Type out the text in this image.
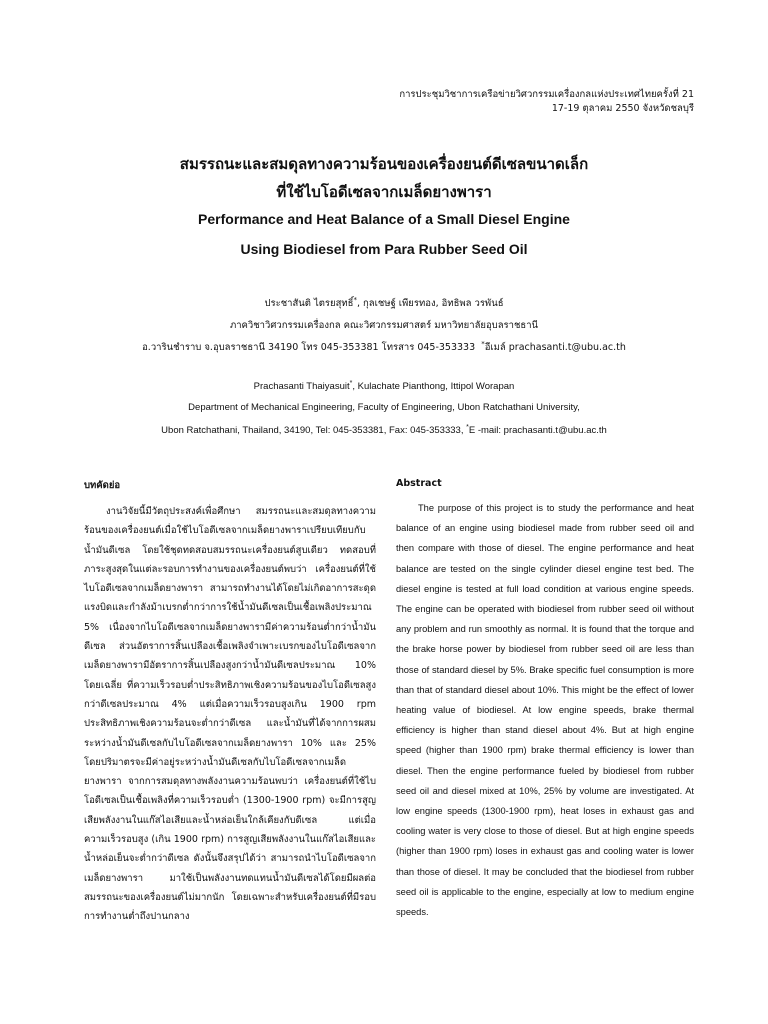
การประชุมวิชาการเครือข่ายวิศวกรรมเครื่องกลแห่งประเทศไทยครั้งที่ 21
17-19 ตุลาคม 2550 จังหวัดชลบุรี
สมรรถนะและสมดุลทางความร้อนของเครื่องยนต์ดีเซลขนาดเล็ก
ที่ใช้ไบโอดีเซลจากเมล็ดยางพารา
Performance and Heat Balance of a Small Diesel Engine
Using Biodiesel from Para Rubber Seed Oil
ประชาสันติ ไตรยสุทธิ์*, กุลเชษฐ์ เพียรทอง, อิทธิพล วรพันธ์
ภาควิชาวิศวกรรมเครื่องกล คณะวิศวกรรมศาสตร์ มหาวิทยาลัยอุบลราชธานี
อ.วารินชำราบ จ.อุบลราชธานี 34190 โทร 045-353381 โทรสาร 045-353333 *อีเมล์ prachasanti.t@ubu.ac.th
Prachasanti Thaiyasuit*, Kulachate Pianthong, Ittipol Worapan
Department of Mechanical Engineering, Faculty of Engineering, Ubon Ratchathani University,
Ubon Ratchathani, Thailand, 34190, Tel: 045-353381, Fax: 045-353333, *E -mail: prachasanti.t@ubu.ac.th
บทคัดย่อ

งานวิจัยนี้มีวัตถุประสงค์เพื่อศึกษา สมรรถนะและสมดุลทางความร้อนของเครื่องยนต์เมื่อใช้ไบโอดีเซลจากเมล็ดยางพาราเปรียบเทียบกับน้ำมันดีเซล โดยใช้ชุดทดสอบสมรรถนะเครื่องยนต์สูบเดียว ทดสอบที่ภาระสูงสุดในแต่ละรอบการทำงานของเครื่องยนต์พบว่า เครื่องยนต์ที่ใช้ไบโอดีเซลจากเมล็ดยางพารา สามารถทำงานได้โดยไม่เกิดอาการสะดุด แรงบิดและกำลังม้าเบรกต่ำกว่าการใช้น้ำมันดีเซลเป็นเชื้อเพลิงประมาณ 5% เนื่องจากไบโอดีเซลจากเมล็ดยางพารามีค่าความร้อนต่ำกว่าน้ำมันดีเซล ส่วนอัตราการสิ้นเปลืองเชื้อเพลิงจำเพาะเบรกของไบโอดีเซลจากเมล็ดยางพารามีอัตราการสิ้นเปลืองสูงกว่าน้ำมันดีเซลประมาณ 10% โดยเฉลี่ย ที่ความเร็วรอบต่ำประสิทธิภาพเชิงความร้อนของไบโอดีเซลสูงกว่าดีเซลประมาณ 4% แต่เมื่อความเร็วรอบสูงเกิน 1900 rpm ประสิทธิภาพเชิงความร้อนจะต่ำกว่าดีเซล และน้ำมันที่ได้จากการผสมระหว่างน้ำมันดีเซลกับไบโอดีเซลจากเมล็ดยางพารา 10% และ 25% โดยปริมาตรจะมีค่าอยู่ระหว่างน้ำมันดีเซลกับไบโอดีเซลจากเมล็ดยางพารา จากการสมดุลทางพลังงานความร้อนพบว่า เครื่องยนต์ที่ใช้ไบโอดีเซลเป็นเชื้อเพลิงที่ความเร็วรอบต่ำ (1300-1900 rpm) จะมีการสูญเสียพลังงานในแก๊สไอเสียและน้ำหล่อเย็นใกล้เคียงกับดีเซล แต่เมื่อความเร็วรอบสูง (เกิน 1900 rpm) การสูญเสียพลังงานในแก๊สไอเสียและน้ำหล่อเย็นจะต่ำกว่าดีเซล ดังนั้นจึงสรุปได้ว่า สามารถนำไบโอดีเซลจากเมล็ดยางพารา มาใช้เป็นพลังงานทดแทนน้ำมันดีเซลได้โดยมีผลต่อสมรรถนะของเครื่องยนต์ไม่มากนัก โดยเฉพาะสำหรับเครื่องยนต์ที่มีรอบการทำงานต่ำถึงปานกลาง

Abstract

The purpose of this project is to study the performance and heat balance of an engine using biodiesel made from rubber seed oil and then compare with those of diesel. The engine performance and heat balance are tested on the single cylinder diesel engine test bed. The diesel engine is tested at full load condition at various engine speeds. The engine can be operated with biodiesel from rubber seed oil without any problem and run smoothly as normal. It is found that the torque and the brake horse power by biodiesel from rubber seed oil are less than those of standard diesel by 5%. Brake specific fuel consumption is more than that of standard diesel about 10%. This might be the effect of lower heating value of biodiesel. At low engine speeds, brake thermal efficiency is higher than stand diesel about 4%. But at high engine speed (higher than 1900 rpm) brake thermal efficiency is lower than diesel. Then the engine performance fueled by biodiesel from rubber seed oil and diesel mixed at 10%, 25% by volume are investigated. At low engine speeds (1300-1900 rpm), heat loses in exhaust gas and cooling water is very close to those of diesel. But at high engine speeds (higher than 1900 rpm) loses in exhaust gas and cooling water is lower than those of diesel. It may be concluded that the biodiesel from rubber seed oil is applicable to the engine, especially at low to medium engine speeds.
